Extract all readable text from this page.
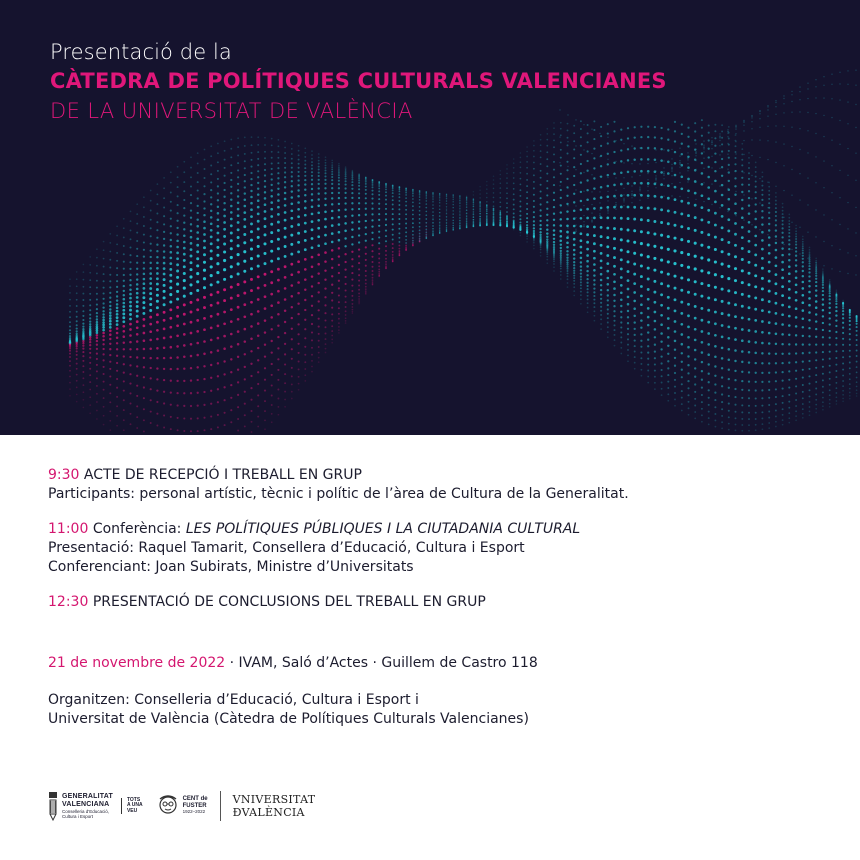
Presentació de la
CÀTEDRA DE POLÍTIQUES CULTURALS VALENCIANES
DE LA UNIVERSITAT DE VALÈNCIA
9:30 ACTE DE RECEPCIÓ I TREBALL EN GRUP
Participants: personal artístic, tècnic i polític de l’àrea de Cultura de la Generalitat.
11:00 Conferència: LES POLÍTIQUES PÚBLIQUES I LA CIUTADANIA CULTURAL
Presentació: Raquel Tamarit, Consellera d’Educació, Cultura i Esport
Conferenciant: Joan Subirats, Ministre d’Universitats
12:30 PRESENTACIÓ DE CONCLUSIONS DEL TREBALL EN GRUP
21 de novembre de 2022 · IVAM, Saló d’Actes · Guillem de Castro 118
Organitzen: Conselleria d’Educació, Cultura i Esport i
Universitat de València (Càtedra de Polítiques Culturals Valencianes)
GENERALITAT
VALENCIANA
Conselleria d’Educació,
Cultura i Esport
TOTS
A UNA
VEU
CENT de
FUSTER
1922–2022
VNIVERSITAT
ÐVALÈNCIA
